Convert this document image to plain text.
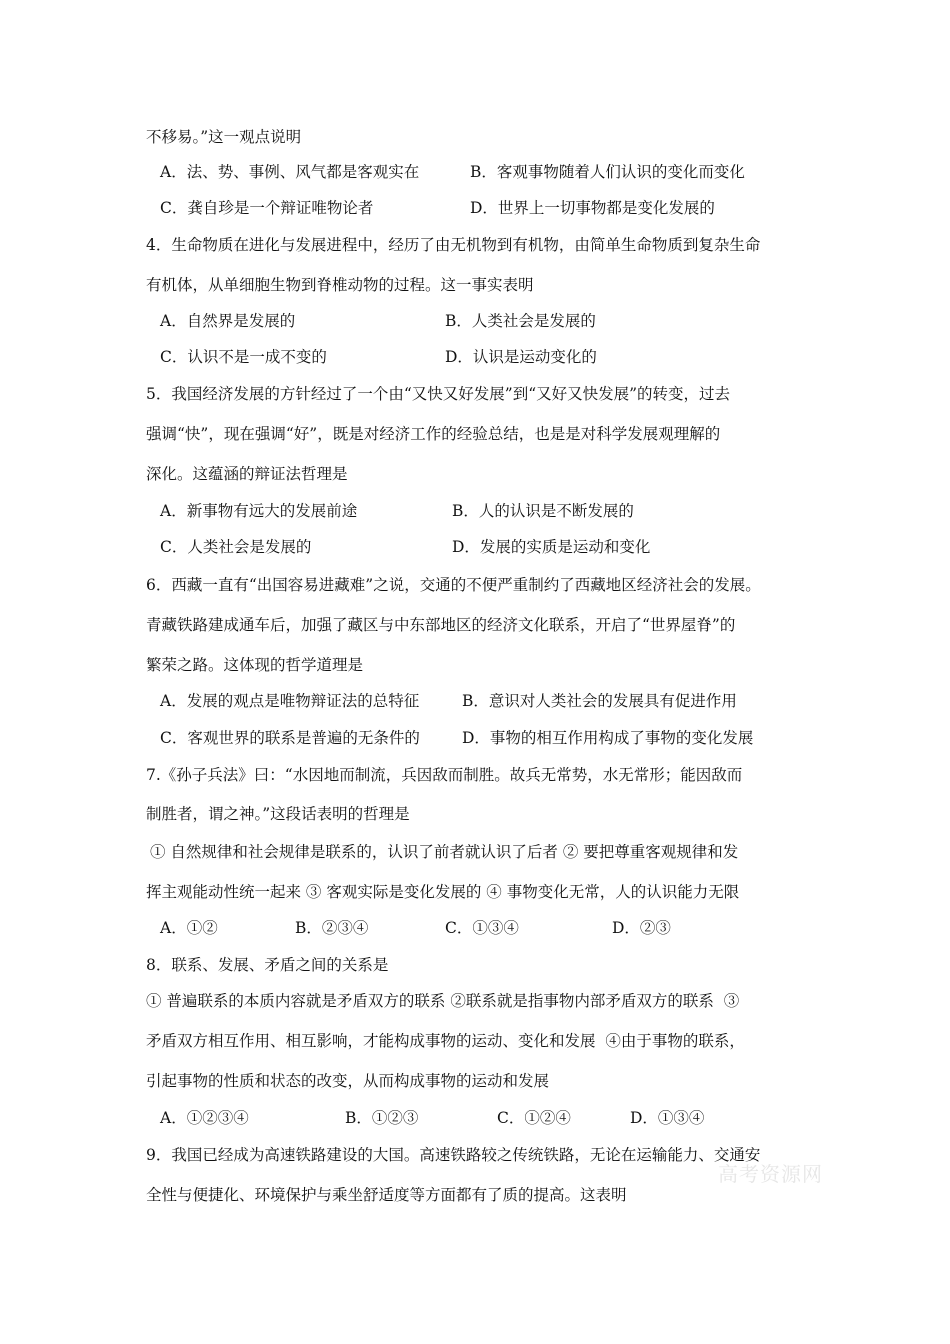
不移易。”这一观点说明
A．法、势、事例、风气都是客观实在	B．客观事物随着人们认识的变化而变化
C．龚自珍是一个辩证唯物论者	D．世界上一切事物都是变化发展的
4．生命物质在进化与发展进程中，经历了由无机物到有机物，由简单生命物质到复杂生命
有机体，从单细胞生物到脊椎动物的过程。这一事实表明
A．自然界是发展的	B．人类社会是发展的
C．认识不是一成不变的	D．认识是运动变化的
5．我国经济发展的方针经过了一个由“又快又好发展”到“又好又快发展”的转变，过去
强调“快”，现在强调“好”，既是对经济工作的经验总结，也是是对科学发展观理解的
深化。这蕴涵的辩证法哲理是
A．新事物有远大的发展前途	B．人的认识是不断发展的
C．人类社会是发展的	D．发展的实质是运动和变化
6．西藏一直有“出国容易进藏难”之说，交通的不便严重制约了西藏地区经济社会的发展。
青藏铁路建成通车后，加强了藏区与中东部地区的经济文化联系，开启了“世界屋脊”的
繁荣之路。这体现的哲学道理是
A．发展的观点是唯物辩证法的总特征	B．意识对人类社会的发展具有促进作用
C．客观世界的联系是普遍的无条件的	D．事物的相互作用构成了事物的变化发展
7.《孙子兵法》曰：“水因地而制流，兵因敌而制胜。故兵无常势，水无常形；能因敌而
制胜者，谓之神。”这段话表明的哲理是
① 自然规律和社会规律是联系的，认识了前者就认识了后者 ② 要把尊重客观规律和发
挥主观能动性统一起来 ③ 客观实际是变化发展的 ④ 事物变化无常，人的认识能力无限
A．①②	B．②③④	C．①③④	D．②③
8．联系、发展、矛盾之间的关系是
① 普遍联系的本质内容就是矛盾双方的联系 ②联系就是指事物内部矛盾双方的联系  ③
矛盾双方相互作用、相互影响，才能构成事物的运动、变化和发展  ④由于事物的联系，
引起事物的性质和状态的改变，从而构成事物的运动和发展
A．①②③④	B．①②③	C．①②④	D．①③④
9．我国已经成为高速铁路建设的大国。高速铁路较之传统铁路，无论在运输能力、交通安
全性与便捷化、环境保护与乘坐舒适度等方面都有了质的提高。这表明
高考资源网
